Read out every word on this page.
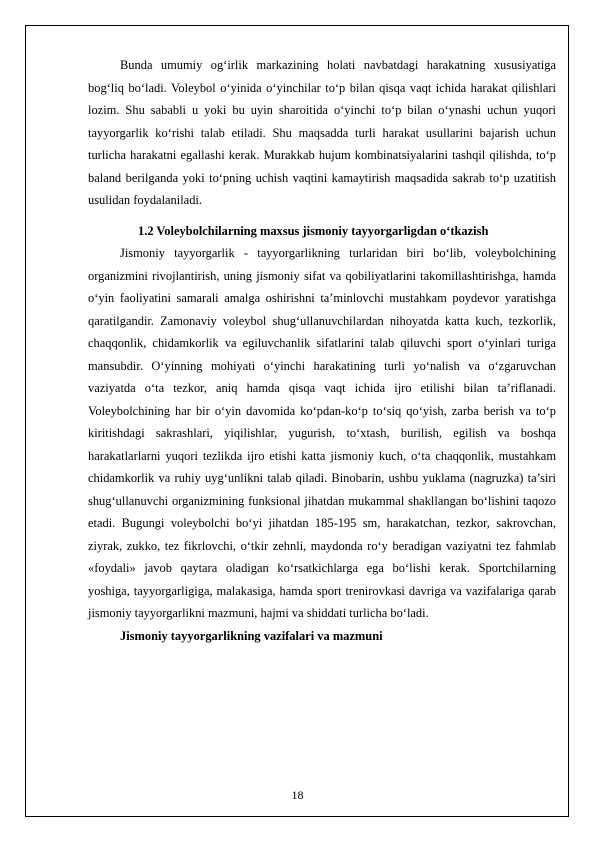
Bunda umumiy og‘irlik markazining holati navbatdagi harakatning xususiyatiga bog‘liq bo‘ladi. Voleybol o‘yinida o‘yinchilar to‘p bilan qisqa vaqt ichida harakat qilishlari lozim. Shu sababli u yoki bu uyin sharoitida o‘yinchi to‘p bilan o‘ynashi uchun yuqori tayyorgarlik ko‘rishi talab etiladi. Shu maqsadda turli harakat usullarini bajarish uchun turlicha harakatni egallashi kerak. Murakkab hujum kombinatsiyalarini tashqil qilishda, to‘p baland berilganda yoki to‘pning uchish vaqtini kamaytirish maqsadida sakrab to‘p uzatitish usulidan foydalaniladi.

1.2 Voleybolchilarning maxsus jismoniy tayyorgarligdan o‘tkazish

Jismoniy tayyorgarlik - tayyorgarlikning turlaridan biri bo‘lib, voleybolchining organizmini rivojlantirish, uning jismoniy sifat va qobiliyatlarini takomillashtirishga, hamda o‘yin faoliyatini samarali amalga oshirishni ta’minlovchi mustahkam poydevor yaratishga qaratilgandir. Zamonaviy voleybol shug‘ullanuvchilardan nihoyatda katta kuch, tezkorlik, chaqqonlik, chidamkorlik va egiluvchanlik sifatlarini talab qiluvchi sport o‘yinlari turiga mansubdir. O‘yinning mohiyati o‘yinchi harakatining turli yo‘nalish va o‘zgaruvchan vaziyatda o‘ta tezkor, aniq hamda qisqa vaqt ichida ijro etilishi bilan ta’riflanadi. Voleybolchining har bir o‘yin davomida ko‘pdan-ko‘p to‘siq qo‘yish, zarba berish va to‘p kiritishdagi sakrashlari, yiqilishlar, yugurish, to‘xtash, burilish, egilish va boshqa harakatlarlarni yuqori tezlikda ijro etishi katta jismoniy kuch, o‘ta chaqqonlik, mustahkam chidamkorlik va ruhiy uyg‘unlikni talab qiladi. Binobarin, ushbu yuklama (nagruzka) ta’siri shug‘ullanuvchi organizmining funksional jihatdan mukammal shakllangan bo‘lishini taqozo etadi. Bugungi voleybolchi bo‘yi jihatdan 185-195 sm, harakatchan, tezkor, sakrovchan, ziyrak, zukko, tez fikrlovchi, o‘tkir zehnli, maydonda ro‘y beradigan vaziyatni tez fahmlab «foydali» javob qaytara oladigan ko‘rsatkichlarga ega bo‘lishi kerak. Sportchilarning yoshiga, tayyorgarligiga, malakasiga, hamda sport trenirovkasi davriga va vazifalariga qarab jismoniy tayyorgarlikni mazmuni, hajmi va shiddati turlicha bo‘ladi.

Jismoniy tayyorgarlikning vazifalari va mazmuni

18
